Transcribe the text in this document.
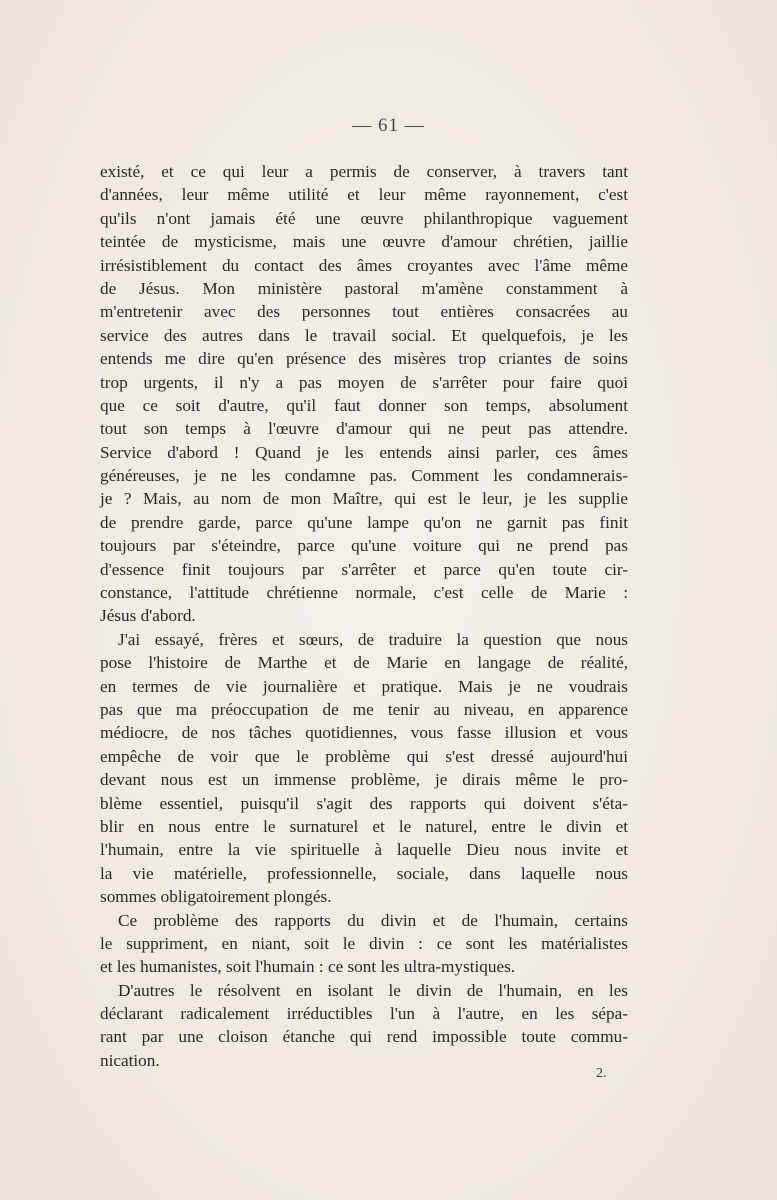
— 61 —
existé, et ce qui leur a permis de conserver, à travers tant
d'années, leur même utilité et leur même rayonnement, c'est
qu'ils n'ont jamais été une œuvre philanthropique vaguement
teintée de mysticisme, mais une œuvre d'amour chrétien, jaillie
irrésistiblement du contact des âmes croyantes avec l'âme même
de Jésus. Mon ministère pastoral m'amène constamment à
m'entretenir avec des personnes tout entières consacrées au
service des autres dans le travail social. Et quelquefois, je les
entends me dire qu'en présence des misères trop criantes de soins
trop urgents, il n'y a pas moyen de s'arrêter pour faire quoi
que ce soit d'autre, qu'il faut donner son temps, absolument
tout son temps à l'œuvre d'amour qui ne peut pas attendre.
Service d'abord ! Quand je les entends ainsi parler, ces âmes
généreuses, je ne les condamne pas. Comment les condamnerais-
je ? Mais, au nom de mon Maître, qui est le leur, je les supplie
de prendre garde, parce qu'une lampe qu'on ne garnit pas finit
toujours par s'éteindre, parce qu'une voiture qui ne prend pas
d'essence finit toujours par s'arrêter et parce qu'en toute cir-
constance, l'attitude chrétienne normale, c'est celle de Marie :
Jésus d'abord.
J'ai essayé, frères et sœurs, de traduire la question que nous
pose l'histoire de Marthe et de Marie en langage de réalité,
en termes de vie journalière et pratique. Mais je ne voudrais
pas que ma préoccupation de me tenir au niveau, en apparence
médiocre, de nos tâches quotidiennes, vous fasse illusion et vous
empêche de voir que le problème qui s'est dressé aujourd'hui
devant nous est un immense problème, je dirais même le pro-
blème essentiel, puisqu'il s'agit des rapports qui doivent s'éta-
blir en nous entre le surnaturel et le naturel, entre le divin et
l'humain, entre la vie spirituelle à laquelle Dieu nous invite et
la vie matérielle, professionnelle, sociale, dans laquelle nous
sommes obligatoirement plongés.
Ce problème des rapports du divin et de l'humain, certains
le suppriment, en niant, soit le divin : ce sont les matérialistes
et les humanistes, soit l'humain : ce sont les ultra-mystiques.
D'autres le résolvent en isolant le divin de l'humain, en les
déclarant radicalement irréductibles l'un à l'autre, en les sépa-
rant par une cloison étanche qui rend impossible toute commu-
nication.
2.
